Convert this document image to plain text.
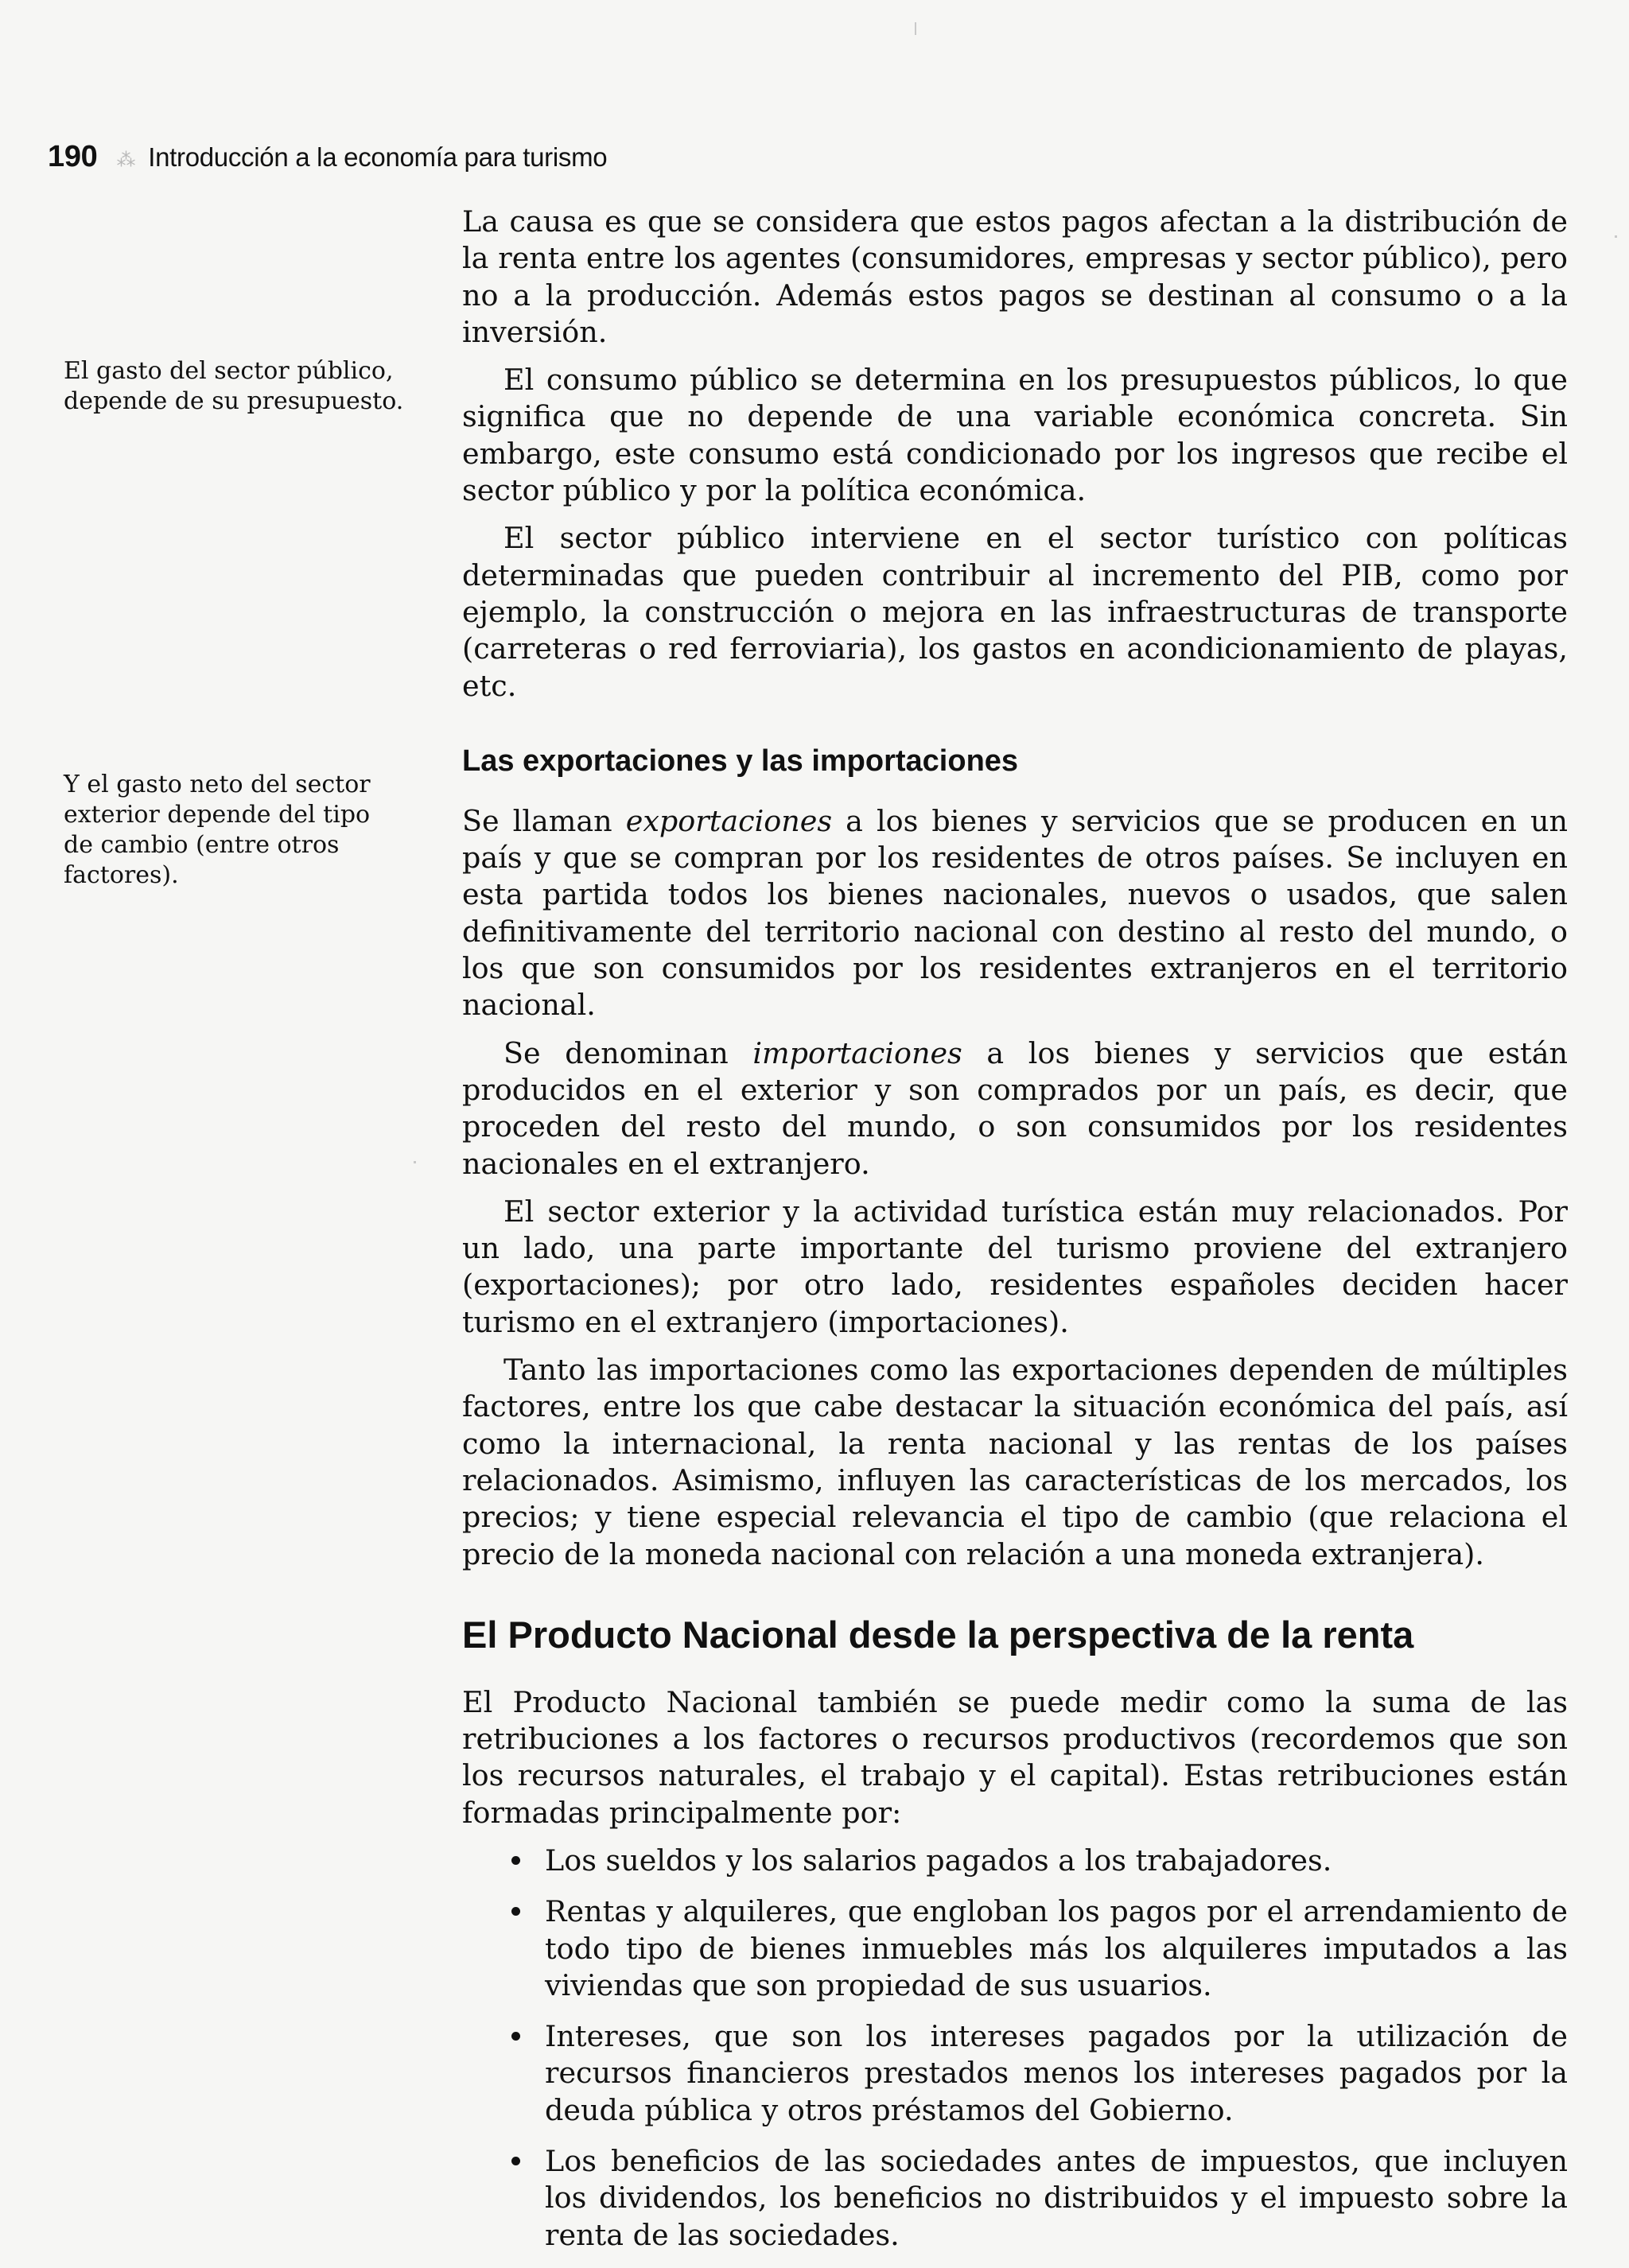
190 ⁂ Introducción a la economía para turismo
El gasto del sector público, depende de su presupuesto.
Y el gasto neto del sector exterior depende del tipo de cambio (entre otros factores).

La causa es que se considera que estos pagos afectan a la distribución de la renta entre los agentes (consumidores, empresas y sector público), pero no a la producción. Además estos pagos se destinan al consumo o a la inversión.

El consumo público se determina en los presupuestos públicos, lo que significa que no depende de una variable económica concreta. Sin embargo, este consumo está condicionado por los ingresos que recibe el sector público y por la política económica.

El sector público interviene en el sector turístico con políticas determinadas que pueden contribuir al incremento del PIB, como por ejemplo, la construcción o mejora en las infraestructuras de transporte (carreteras o red ferroviaria), los gastos en acondicionamiento de playas, etc.

Las exportaciones y las importaciones

Se llaman exportaciones a los bienes y servicios que se producen en un país y que se compran por los residentes de otros países. Se incluyen en esta partida todos los bienes nacionales, nuevos o usados, que salen definitivamente del territorio nacional con destino al resto del mundo, o los que son consumidos por los residentes extranjeros en el territorio nacional.

Se denominan importaciones a los bienes y servicios que están producidos en el exterior y son comprados por un país, es decir, que proceden del resto del mundo, o son consumidos por los residentes nacionales en el extranjero.

El sector exterior y la actividad turística están muy relacionados. Por un lado, una parte importante del turismo proviene del extranjero (exportaciones); por otro lado, residentes españoles deciden hacer turismo en el extranjero (importaciones).

Tanto las importaciones como las exportaciones dependen de múltiples factores, entre los que cabe destacar la situación económica del país, así como la internacional, la renta nacional y las rentas de los países relacionados. Asimismo, influyen las características de los mercados, los precios; y tiene especial relevancia el tipo de cambio (que relaciona el precio de la moneda nacional con relación a una moneda extranjera).

El Producto Nacional desde la perspectiva de la renta

El Producto Nacional también se puede medir como la suma de las retribuciones a los factores o recursos productivos (recordemos que son los recursos naturales, el trabajo y el capital). Estas retribuciones están formadas principalmente por:

Los sueldos y los salarios pagados a los trabajadores.
Rentas y alquileres, que engloban los pagos por el arrendamiento de todo tipo de bienes inmuebles más los alquileres imputados a las viviendas que son propiedad de sus usuarios.
Intereses, que son los intereses pagados por la utilización de recursos financieros prestados menos los intereses pagados por la deuda pública y otros préstamos del Gobierno.
Los beneficios de las sociedades antes de impuestos, que incluyen los dividendos, los beneficios no distribuidos y el impuesto sobre la renta de las sociedades.
